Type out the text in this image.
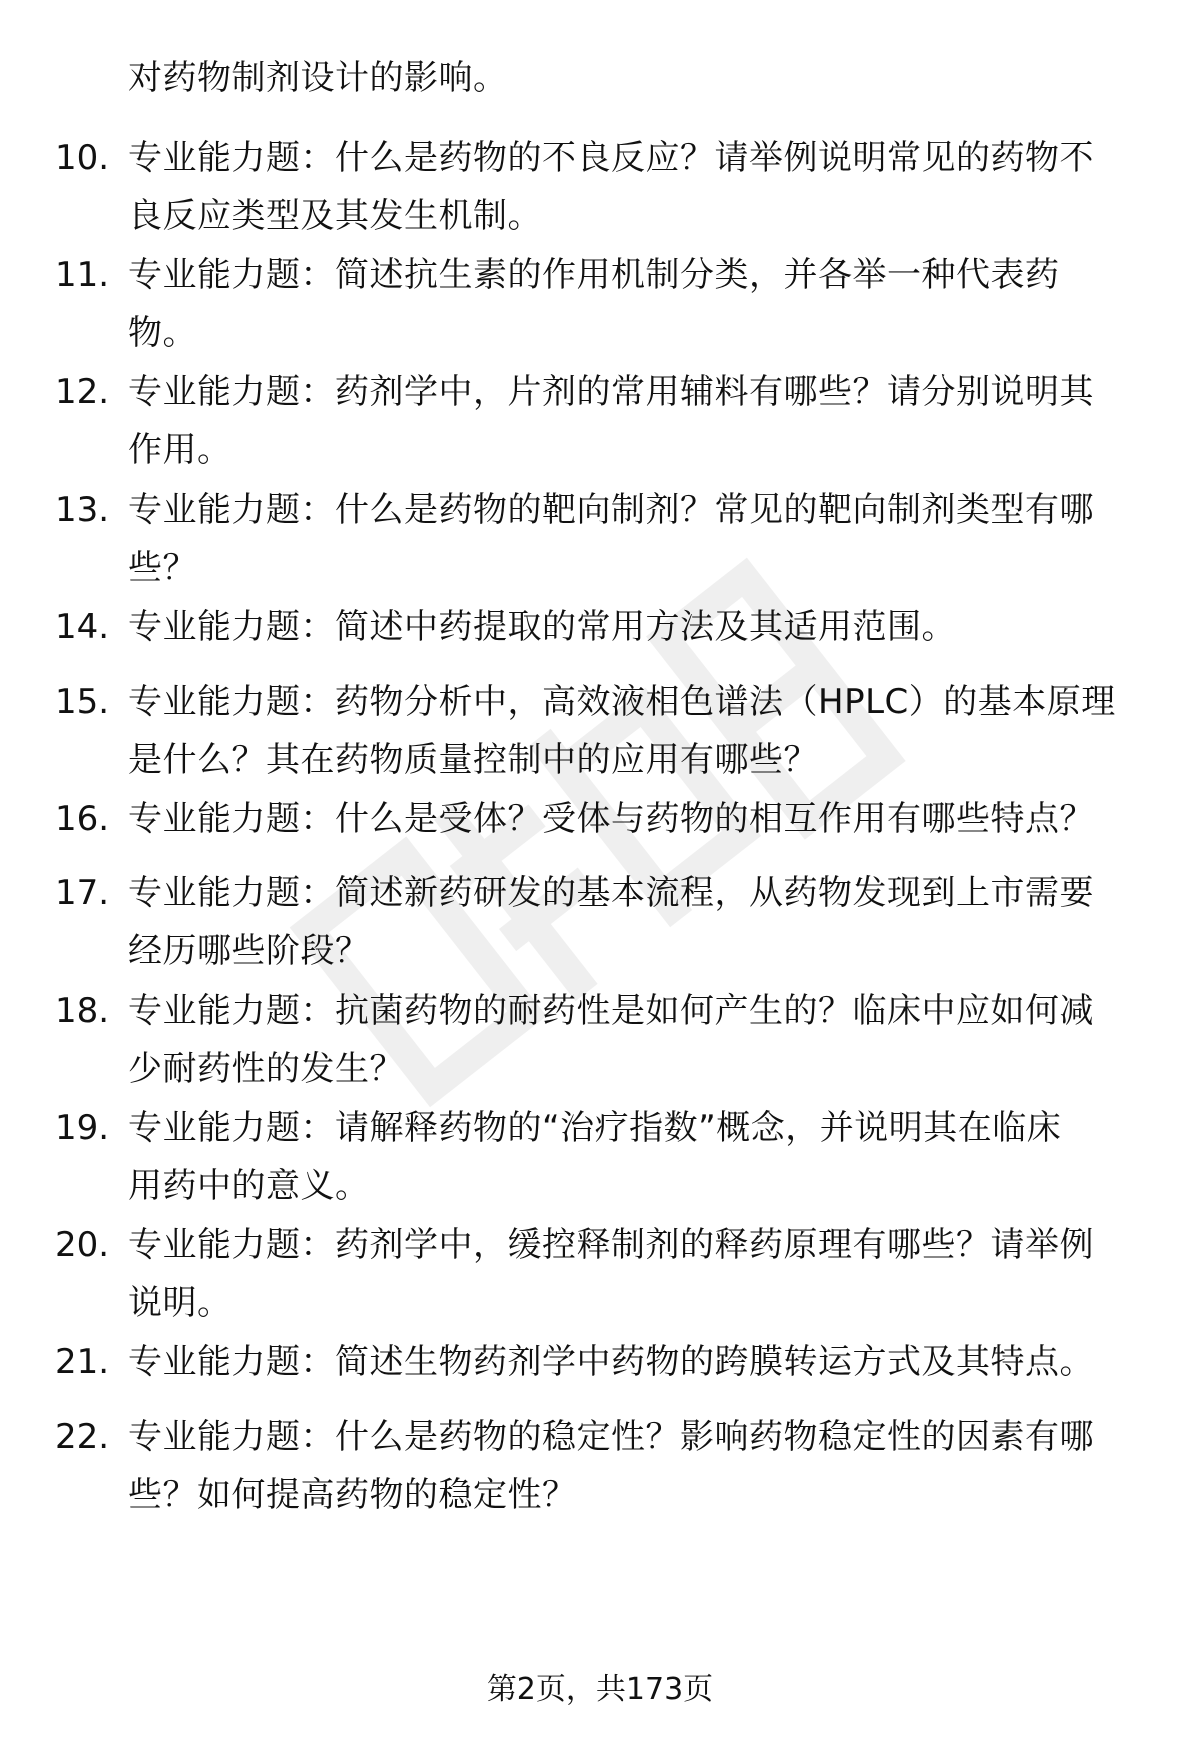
对药物制剂设计的影响。
10. 专业能力题：什么是药物的不良反应？请举例说明常见的药物不
良反应类型及其发生机制。
11. 专业能力题：简述抗生素的作用机制分类，并各举一种代表药
物。
12. 专业能力题：药剂学中，片剂的常用辅料有哪些？请分别说明其
作用。
13. 专业能力题：什么是药物的靶向制剂？常见的靶向制剂类型有哪
些？
14. 专业能力题：简述中药提取的常用方法及其适用范围。
15. 专业能力题：药物分析中，高效液相色谱法（HPLC）的基本原理
是什么？其在药物质量控制中的应用有哪些？
16. 专业能力题：什么是受体？受体与药物的相互作用有哪些特点？
17. 专业能力题：简述新药研发的基本流程，从药物发现到上市需要
经历哪些阶段？
18. 专业能力题：抗菌药物的耐药性是如何产生的？临床中应如何减
少耐药性的发生？
19. 专业能力题：请解释药物的“治疗指数”概念，并说明其在临床
用药中的意义。
20. 专业能力题：药剂学中，缓控释制剂的释药原理有哪些？请举例
说明。
21. 专业能力题：简述生物药剂学中药物的跨膜转运方式及其特点。
22. 专业能力题：什么是药物的稳定性？影响药物稳定性的因素有哪
些？如何提高药物的稳定性？
第2页，共173页
